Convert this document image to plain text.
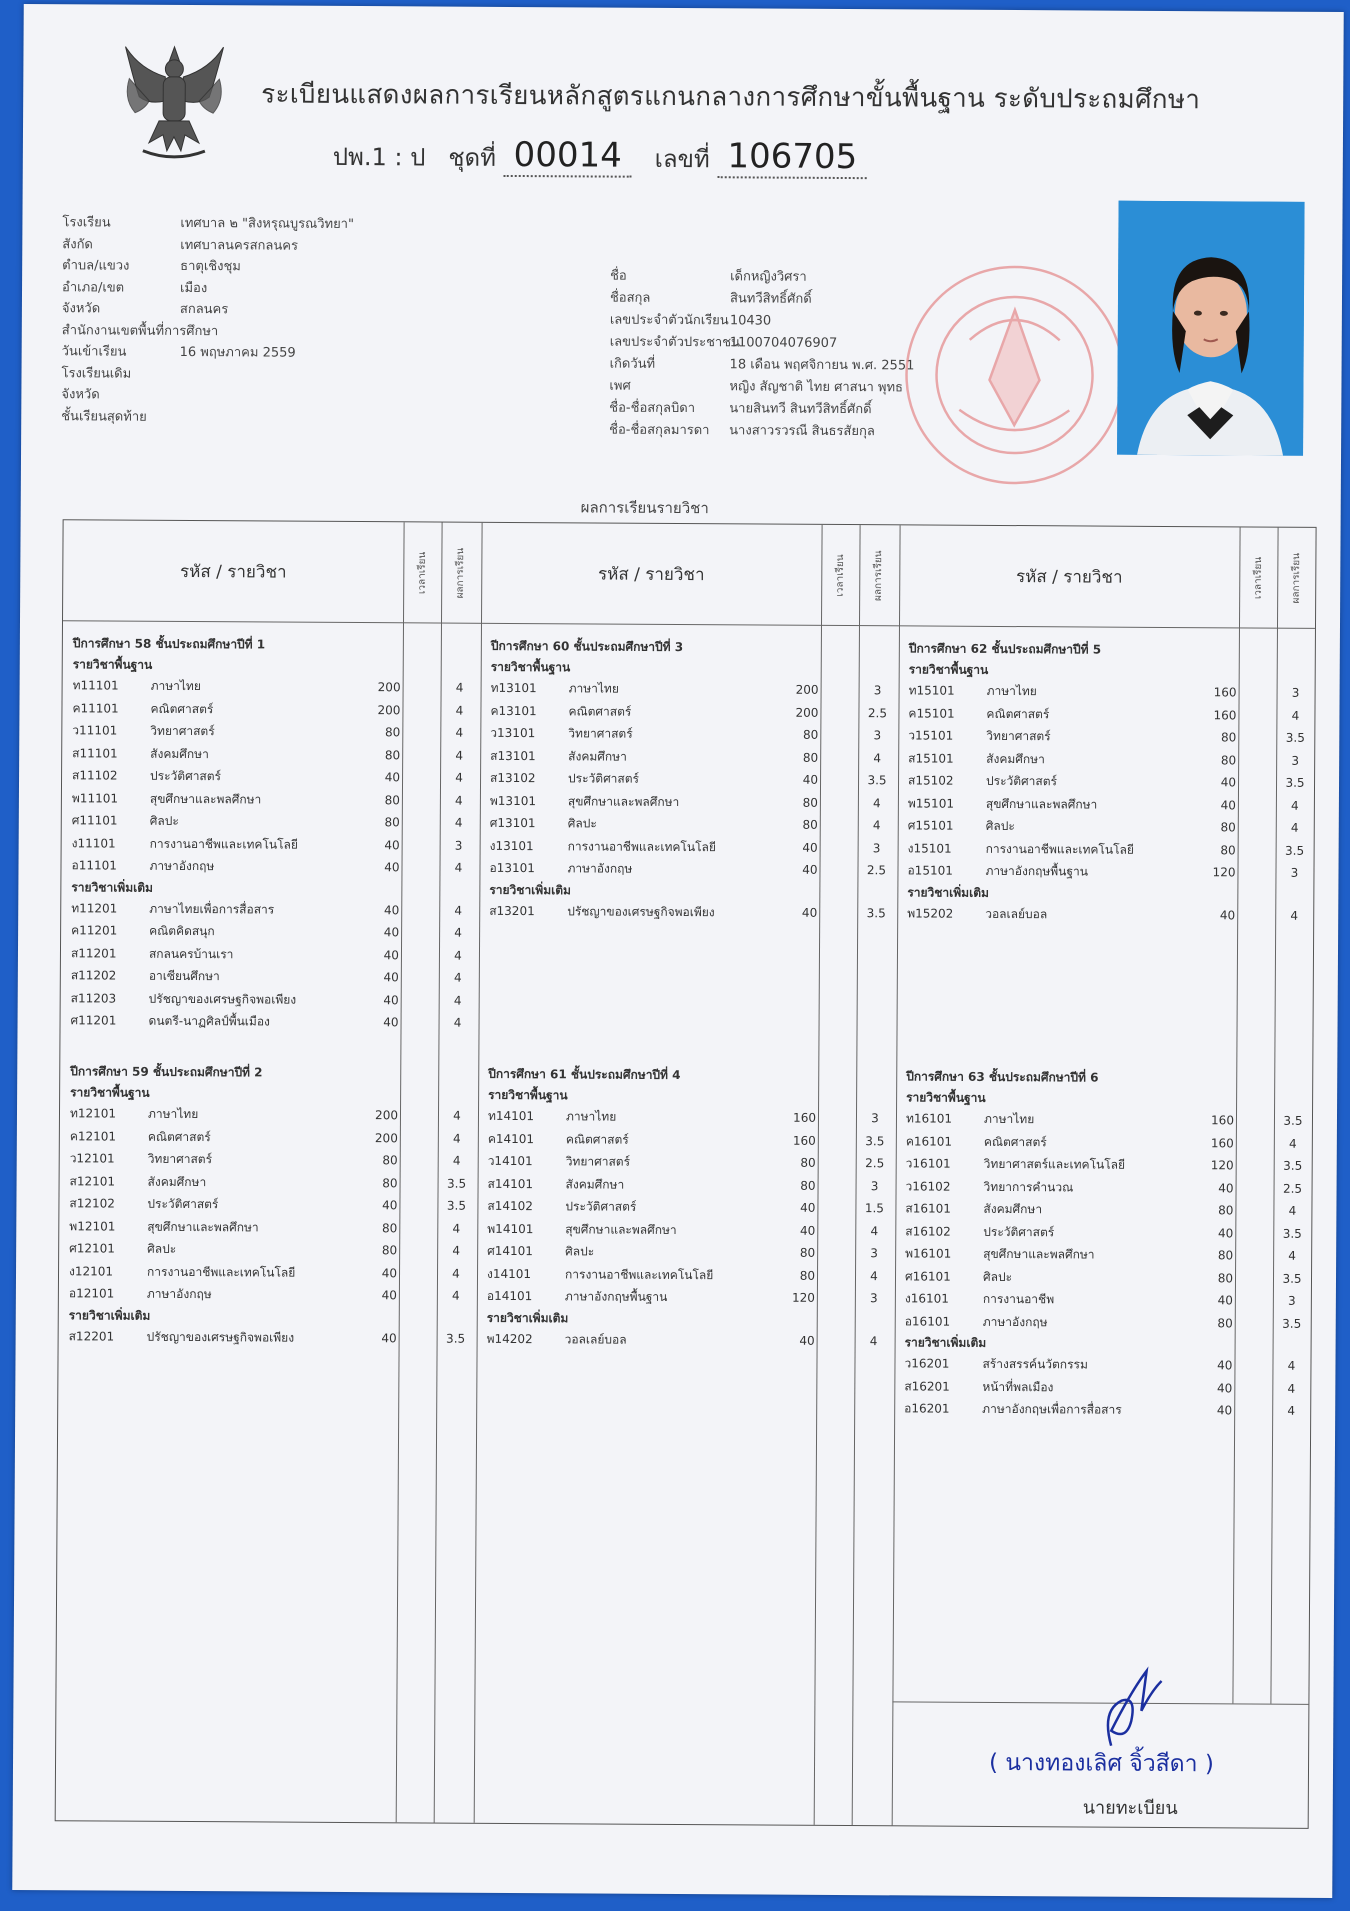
ระเบียนแสดงผลการเรียนหลักสูตรแกนกลางการศึกษาขั้นพื้นฐาน ระดับประถมศึกษา
ปพ.1 : ป ชุดที่ 00014 เลขที่ 106705
โรงเรียน	เทศบาล ๒ "สิงหรุณบูรณวิทยา"
สังกัด	เทศบาลนครสกลนคร
ตำบล/แขวง	ธาตุเชิงชุม
อำเภอ/เขต	เมือง
จังหวัด	สกลนคร
สำนักงานเขตพื้นที่การศึกษา
วันเข้าเรียน	16 พฤษภาคม 2559
โรงเรียนเดิม
จังหวัด
ชั้นเรียนสุดท้าย
ชื่อ	เด็กหญิงวิศรา
ชื่อสกุล	สินทวีสิทธิ์ศักดิ์
เลขประจำตัวนักเรียน10430
เลขประจำตัวประชาชน1100704076907
เกิดวันที่	18 เดือน พฤศจิกายน พ.ศ. 2551
เพศ	หญิง สัญชาติ ไทย ศาสนา พุทธ
ชื่อ-ชื่อสกุลบิดา	นายสินทวี สินทวีสิทธิ์ศักดิ์
ชื่อ-ชื่อสกุลมารดา นางสาวรวรณี สินธรสัยกุล
ผลการเรียนรายวิชา
รหัส / รายวิชา	เวลาเรียน	ผลการเรียน	รหัส / รายวิชา	เวลาเรียน	ผลการเรียน	รหัส / รายวิชา	เวลาเรียน	ผลการเรียน
ปีการศึกษา 58 ชั้นประถมศึกษาปีที่ 1
รายวิชาพื้นฐาน
ท11101	ภาษาไทย	200	4
ค11101	คณิตศาสตร์	200	4
ว11101	วิทยาศาสตร์	80	4
ส11101	สังคมศึกษา	80	4
ส11102	ประวัติศาสตร์	40	4
พ11101	สุขศึกษาและพลศึกษา	80	4
ศ11101	ศิลปะ	80	4
ง11101	การงานอาชีพและเทคโนโลยี	40	3
อ11101	ภาษาอังกฤษ	40	4
รายวิชาเพิ่มเติม
ท11201	ภาษาไทยเพื่อการสื่อสาร	40	4
ค11201	คณิตคิดสนุก	40	4
ส11201	สกลนครบ้านเรา	40	4
ส11202	อาเซียนศึกษา	40	4
ส11203	ปรัชญาของเศรษฐกิจพอเพียง	40	4
ศ11201	ดนตรี-นาฏศิลป์พื้นเมือง	40	4
ปีการศึกษา 60 ชั้นประถมศึกษาปีที่ 3
รายวิชาพื้นฐาน
ท13101	ภาษาไทย	200	3
ค13101	คณิตศาสตร์	200	2.5
ว13101	วิทยาศาสตร์	80	3
ส13101	สังคมศึกษา	80	4
ส13102	ประวัติศาสตร์	40	3.5
พ13101	สุขศึกษาและพลศึกษา	80	4
ศ13101	ศิลปะ	80	4
ง13101	การงานอาชีพและเทคโนโลยี	40	3
อ13101	ภาษาอังกฤษ	40	2.5
รายวิชาเพิ่มเติม
ส13201	ปรัชญาของเศรษฐกิจพอเพียง	40	3.5
ปีการศึกษา 62 ชั้นประถมศึกษาปีที่ 5
รายวิชาพื้นฐาน
ท15101	ภาษาไทย	160	3
ค15101	คณิตศาสตร์	160	4
ว15101	วิทยาศาสตร์	80	3.5
ส15101	สังคมศึกษา	80	3
ส15102	ประวัติศาสตร์	40	3.5
พ15101	สุขศึกษาและพลศึกษา	40	4
ศ15101	ศิลปะ	80	4
ง15101	การงานอาชีพและเทคโนโลยี	80	3.5
อ15101	ภาษาอังกฤษพื้นฐาน	120	3
รายวิชาเพิ่มเติม
พ15202	วอลเลย์บอล	40	4
ปีการศึกษา 59 ชั้นประถมศึกษาปีที่ 2
รายวิชาพื้นฐาน
ท12101	ภาษาไทย	200	4
ค12101	คณิตศาสตร์	200	4
ว12101	วิทยาศาสตร์	80	4
ส12101	สังคมศึกษา	80	3.5
ส12102	ประวัติศาสตร์	40	3.5
พ12101	สุขศึกษาและพลศึกษา	80	4
ศ12101	ศิลปะ	80	4
ง12101	การงานอาชีพและเทคโนโลยี	40	4
อ12101	ภาษาอังกฤษ	40	4
รายวิชาเพิ่มเติม
ส12201	ปรัชญาของเศรษฐกิจพอเพียง	40	3.5
ปีการศึกษา 61 ชั้นประถมศึกษาปีที่ 4
รายวิชาพื้นฐาน
ท14101	ภาษาไทย	160	3
ค14101	คณิตศาสตร์	160	3.5
ว14101	วิทยาศาสตร์	80	2.5
ส14101	สังคมศึกษา	80	3
ส14102	ประวัติศาสตร์	40	1.5
พ14101	สุขศึกษาและพลศึกษา	40	4
ศ14101	ศิลปะ	80	3
ง14101	การงานอาชีพและเทคโนโลยี	80	4
อ14101	ภาษาอังกฤษพื้นฐาน	120	3
รายวิชาเพิ่มเติม
พ14202	วอลเลย์บอล	40	4
ปีการศึกษา 63 ชั้นประถมศึกษาปีที่ 6
รายวิชาพื้นฐาน
ท16101	ภาษาไทย	160	3.5
ค16101	คณิตศาสตร์	160	4
ว16101	วิทยาศาสตร์และเทคโนโลยี	120	3.5
ว16102	วิทยาการคำนวณ	40	2.5
ส16101	สังคมศึกษา	80	4
ส16102	ประวัติศาสตร์	40	3.5
พ16101	สุขศึกษาและพลศึกษา	80	4
ศ16101	ศิลปะ	80	3.5
ง16101	การงานอาชีพ	40	3
อ16101	ภาษาอังกฤษ	80	3.5
รายวิชาเพิ่มเติม
ว16201	สร้างสรรค์นวัตกรรม	40	4
ส16201	หน้าที่พลเมือง	40	4
อ16201	ภาษาอังกฤษเพื่อการสื่อสาร	40	4
( นางทองเลิศ จิ้วสีดา )
นายทะเบียน
